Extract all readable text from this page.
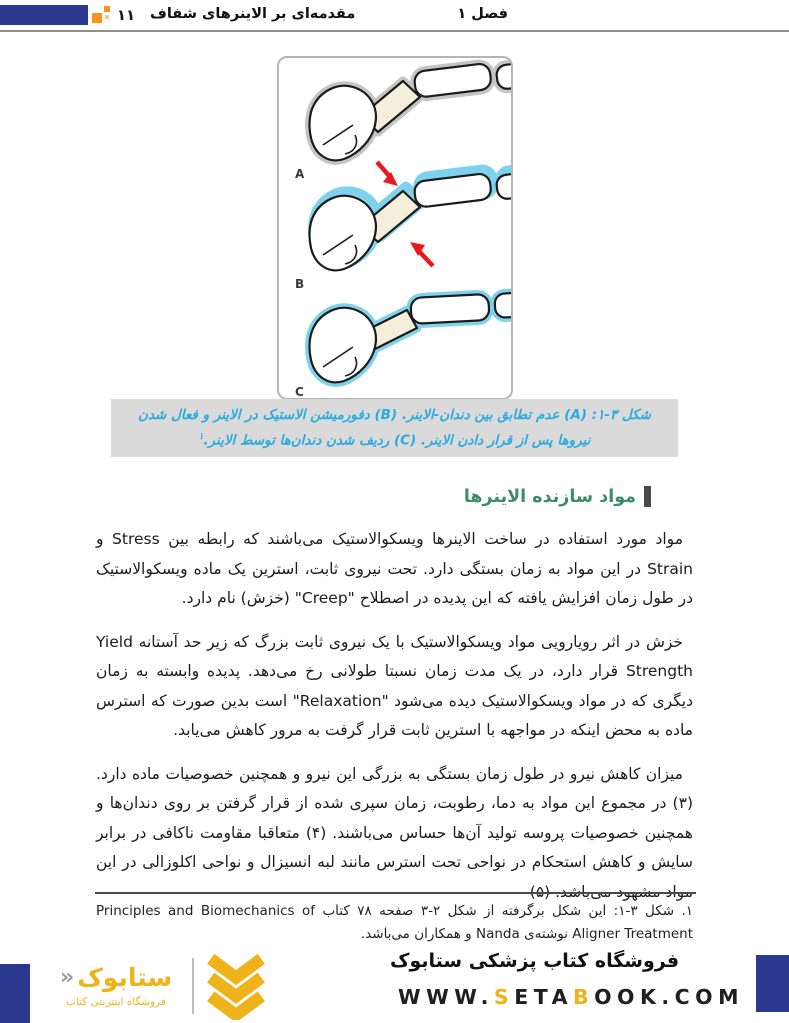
۱۱	فصل ۱
مقدمه‌ای بر الاینرهای شفاف
A
B
C
شکل ۳-۱: (A) عدم تطابق بین دندان-الاینر. (B) دفورمیشن الاستیک در الاینر و فعال شدن نیروها پس از قرار دادن الاینر. (C) ردیف شدن دندان‌ها توسط الاینر.$^۱$
مواد سازنده الاینرها

مواد مورد استفاده در ساخت الاینرها ویسکوالاستیک می‌باشند که رابطه بین Stress و Strain در این مواد به زمان بستگی دارد. تحت نیروی ثابت، استرین یک ماده ویسکوالاستیک در طول زمان افزایش یافته که این پدیده در اصطلاح "Creep" (خزش) نام دارد.

خزش در اثر رویارویی مواد ویسکوالاستیک با یک نیروی ثابت بزرگ که زیر حد آستانه Yield Strength قرار دارد، در یک مدت زمان نسبتا طولانی رخ می‌دهد. پدیده وابسته به زمان دیگری که در مواد ویسکوالاستیک دیده می‌شود "Relaxation" است بدین صورت که استرس ماده به محض اینکه در مواجهه با استرین ثابت قرار گرفت به مرور کاهش می‌یابد.

میزان کاهش نیرو در طول زمان بستگی به بزرگی این نیرو و همچنین خصوصیات ماده دارد. (۳) در مجموع این مواد به دما، رطوبت، زمان سپری شده از قرار گرفتن بر روی دندان‌ها و همچنین خصوصیات پروسه تولید آن‌ها حساس می‌باشند. (۴) متعاقبا مقاومت ناکافی در برابر سایش و کاهش استحکام در نواحی تحت استرس مانند لبه انسیزال و نواحی اکلوزالی در این مواد مشهود می‌باشد. (۵)

۱. شکل ۳-۱: این شکل برگرفته از شکل ۲-۳ صفحه ۷۸ کتاب Principles and Biomechanics of Aligner Treatment نوشته‌ی Nanda و همکاران می‌باشد.
فروشگاه کتاب پزشکی ستابوک
WWW.SETABOOK.COM
ستابوک
«
فروشگاه اینترنتی کتاب
